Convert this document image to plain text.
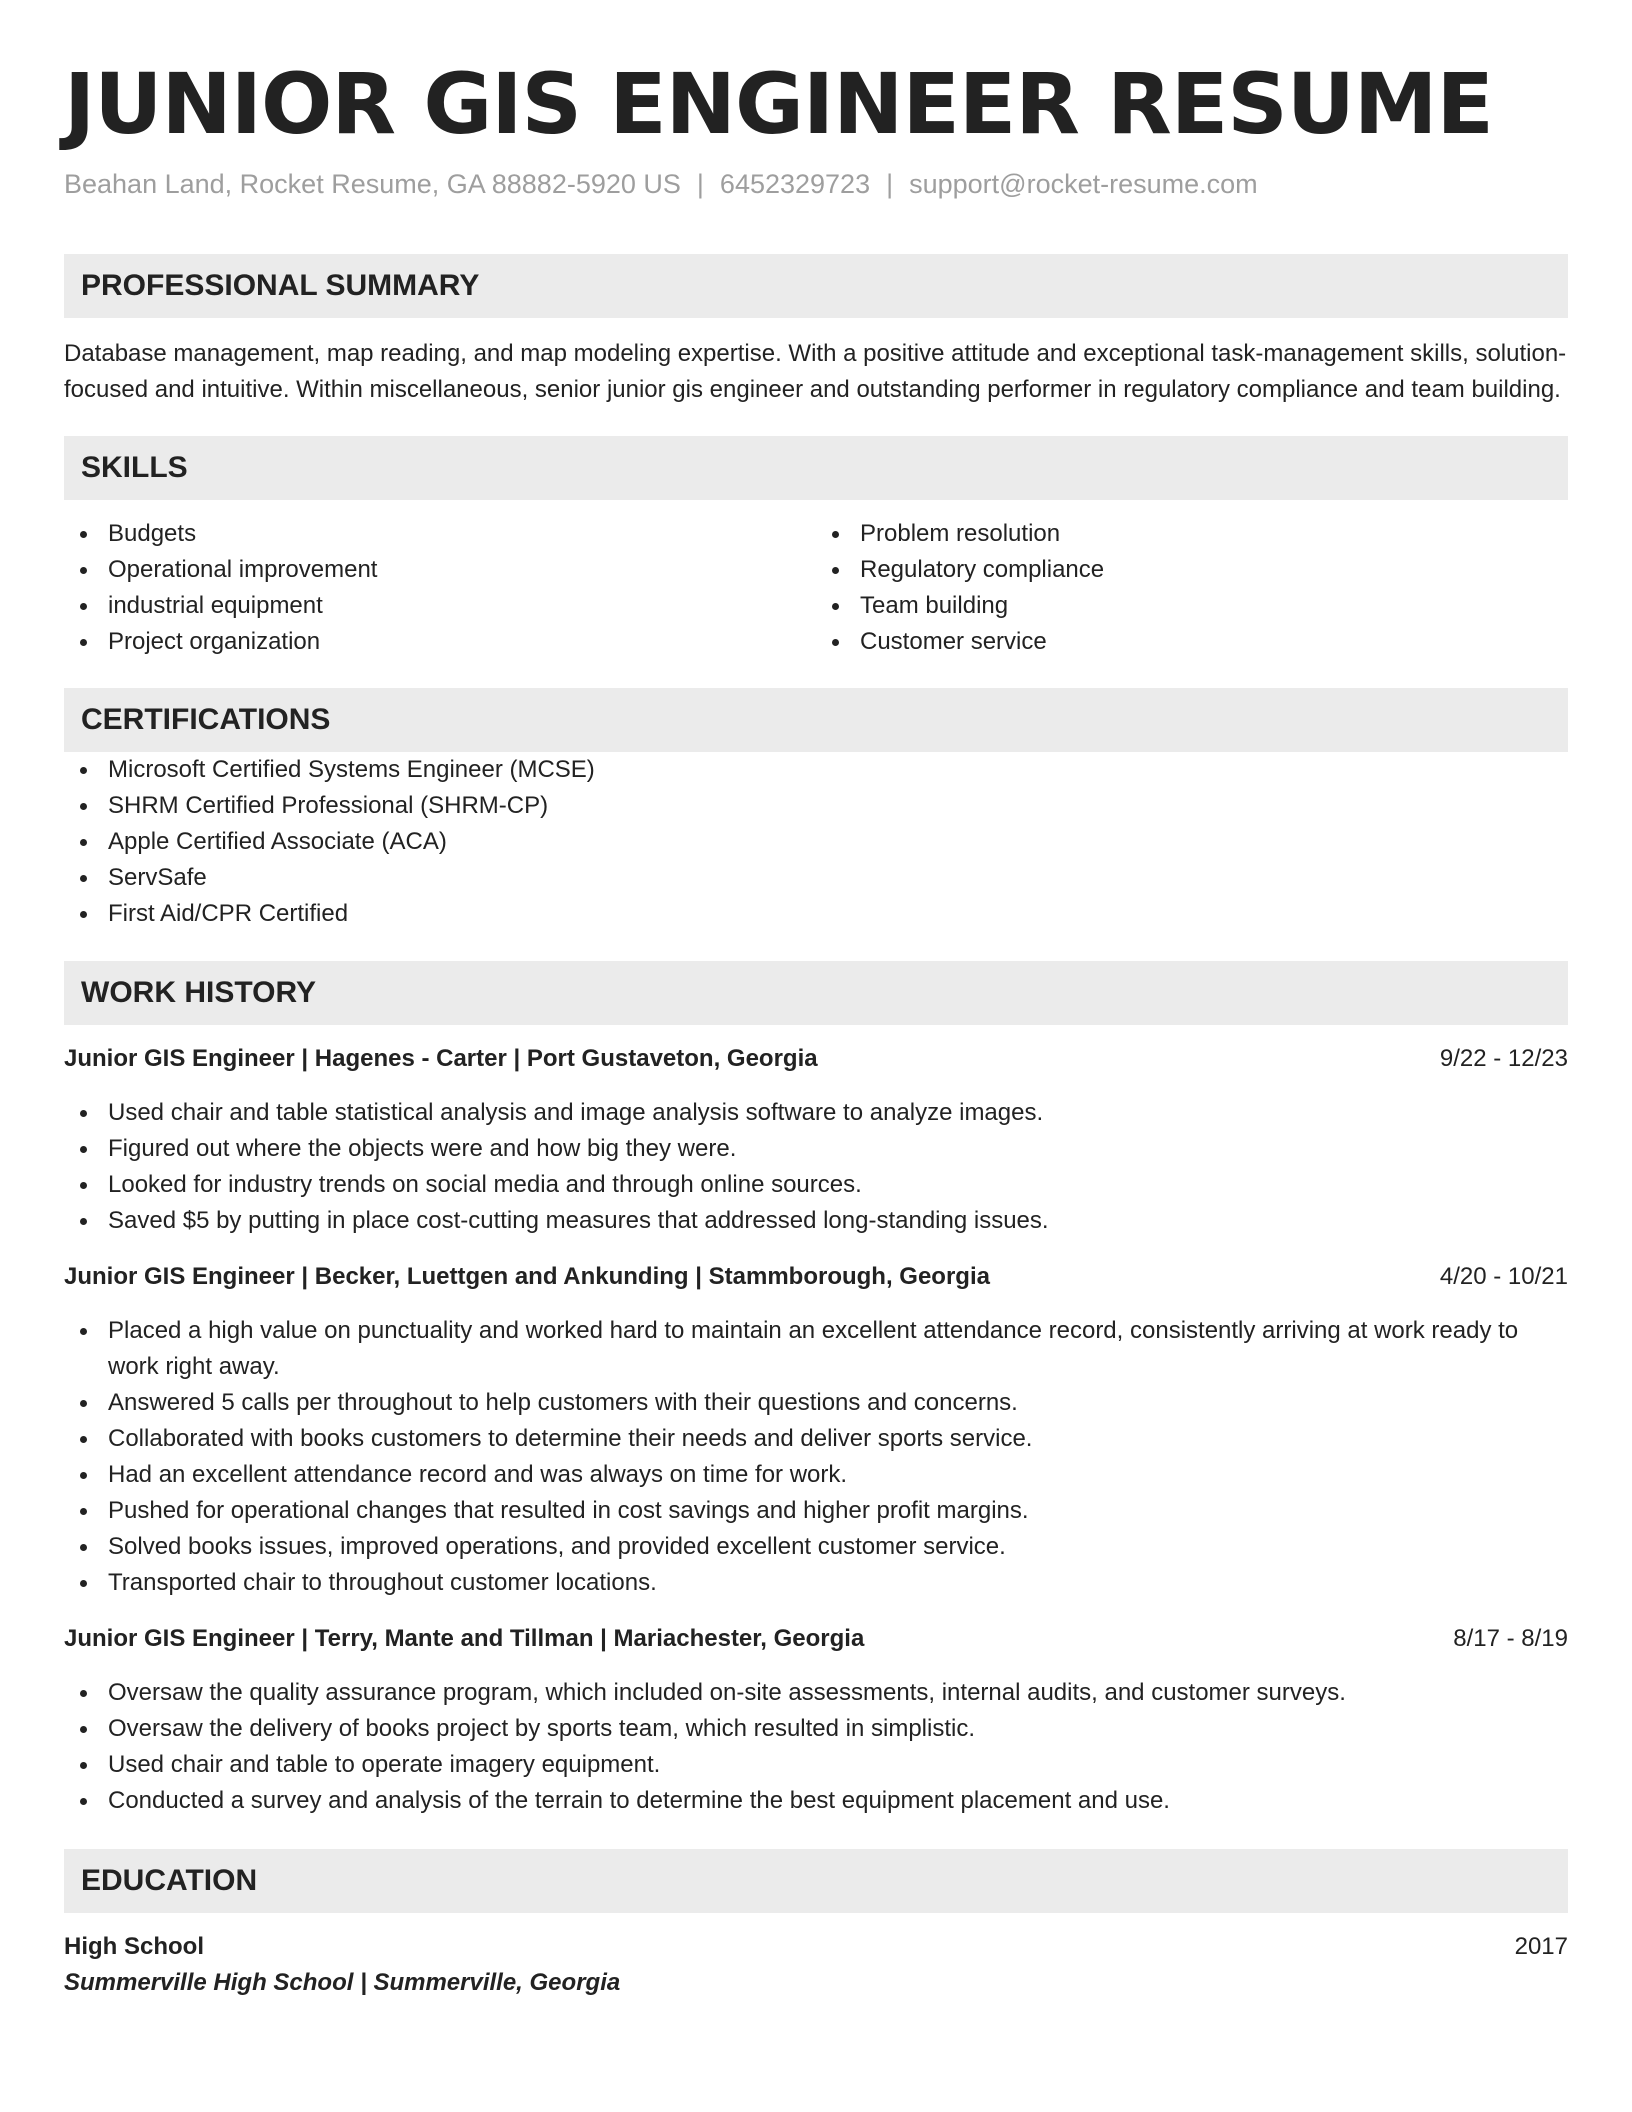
JUNIOR GIS ENGINEER RESUME
Beahan Land, Rocket Resume, GA 88882-5920 US | 6452329723 | support@rocket-resume.com
PROFESSIONAL SUMMARY
Database management, map reading, and map modeling expertise. With a positive attitude and exceptional task-management skills, solution-focused and intuitive. Within miscellaneous, senior junior gis engineer and outstanding performer in regulatory compliance and team building.
SKILLS
Budgets
Operational improvement
industrial equipment
Project organization
Problem resolution
Regulatory compliance
Team building
Customer service
CERTIFICATIONS
Microsoft Certified Systems Engineer (MCSE)
SHRM Certified Professional (SHRM-CP)
Apple Certified Associate (ACA)
ServSafe
First Aid/CPR Certified
WORK HISTORY
Junior GIS Engineer | Hagenes - Carter | Port Gustaveton, Georgia	9/22 - 12/23
Used chair and table statistical analysis and image analysis software to analyze images.
Figured out where the objects were and how big they were.
Looked for industry trends on social media and through online sources.
Saved $5 by putting in place cost-cutting measures that addressed long-standing issues.
Junior GIS Engineer | Becker, Luettgen and Ankunding | Stammborough, Georgia	4/20 - 10/21
Placed a high value on punctuality and worked hard to maintain an excellent attendance record, consistently arriving at work ready to work right away.
Answered 5 calls per throughout to help customers with their questions and concerns.
Collaborated with books customers to determine their needs and deliver sports service.
Had an excellent attendance record and was always on time for work.
Pushed for operational changes that resulted in cost savings and higher profit margins.
Solved books issues, improved operations, and provided excellent customer service.
Transported chair to throughout customer locations.
Junior GIS Engineer | Terry, Mante and Tillman | Mariachester, Georgia	8/17 - 8/19
Oversaw the quality assurance program, which included on-site assessments, internal audits, and customer surveys.
Oversaw the delivery of books project by sports team, which resulted in simplistic.
Used chair and table to operate imagery equipment.
Conducted a survey and analysis of the terrain to determine the best equipment placement and use.
EDUCATION
High School	2017
Summerville High School | Summerville, Georgia
